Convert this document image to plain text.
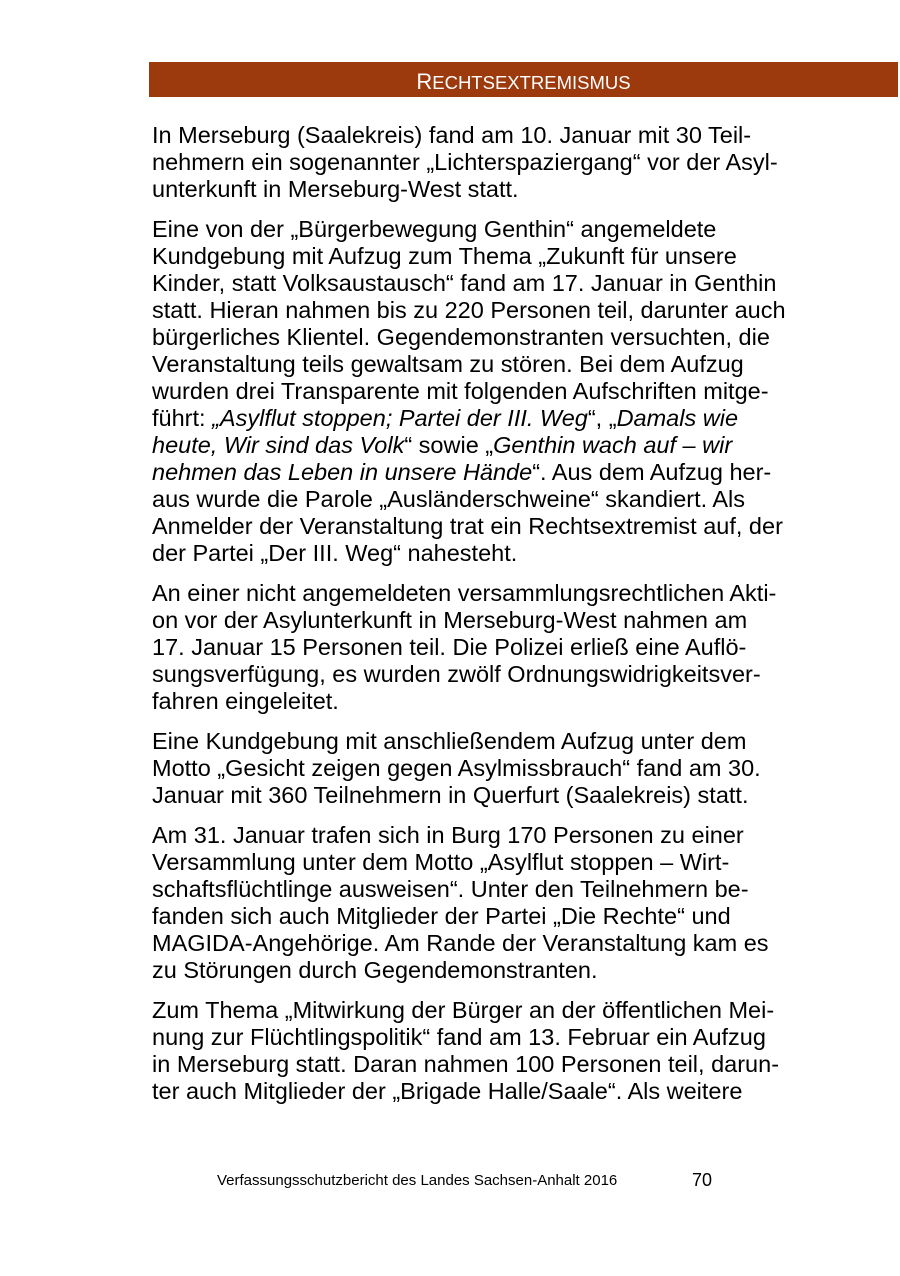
RECHTSEXTREMISMUS
In Merseburg (Saalekreis) fand am 10. Januar mit 30 Teil-
nehmern ein sogenannter „Lichterspaziergang“ vor der Asyl-
unterkunft in Merseburg-West statt.
Eine von der „Bürgerbewegung Genthin“ angemeldete
Kundgebung mit Aufzug zum Thema „Zukunft für unsere
Kinder, statt Volksaustausch“ fand am 17. Januar in Genthin
statt. Hieran nahmen bis zu 220 Personen teil, darunter auch
bürgerliches Klientel. Gegendemonstranten versuchten, die
Veranstaltung teils gewaltsam zu stören. Bei dem Aufzug
wurden drei Transparente mit folgenden Aufschriften mitge-
führt: „Asylflut stoppen; Partei der III. Weg“, „Damals wie
heute, Wir sind das Volk“ sowie „Genthin wach auf – wir
nehmen das Leben in unsere Hände“. Aus dem Aufzug her-
aus wurde die Parole „Ausländerschweine“ skandiert. Als
Anmelder der Veranstaltung trat ein Rechtsextremist auf, der
der Partei „Der III. Weg“ nahesteht.
An einer nicht angemeldeten versammlungsrechtlichen Akti-
on vor der Asylunterkunft in Merseburg-West nahmen am
17. Januar 15 Personen teil. Die Polizei erließ eine Auflö-
sungsverfügung, es wurden zwölf Ordnungswidrigkeitsver-
fahren eingeleitet.
Eine Kundgebung mit anschließendem Aufzug unter dem
Motto „Gesicht zeigen gegen Asylmissbrauch“ fand am 30.
Januar mit 360 Teilnehmern in Querfurt (Saalekreis) statt.
Am 31. Januar trafen sich in Burg 170 Personen zu einer
Versammlung unter dem Motto „Asylflut stoppen – Wirt-
schaftsflüchtlinge ausweisen“. Unter den Teilnehmern be-
fanden sich auch Mitglieder der Partei „Die Rechte“ und
MAGIDA-Angehörige. Am Rande der Veranstaltung kam es
zu Störungen durch Gegendemonstranten.
Zum Thema „Mitwirkung der Bürger an der öffentlichen Mei-
nung zur Flüchtlingspolitik“ fand am 13. Februar ein Aufzug
in Merseburg statt. Daran nahmen 100 Personen teil, darun-
ter auch Mitglieder der „Brigade Halle/Saale“. Als weitere
Verfassungsschutzbericht des Landes Sachsen-Anhalt 2016	70
